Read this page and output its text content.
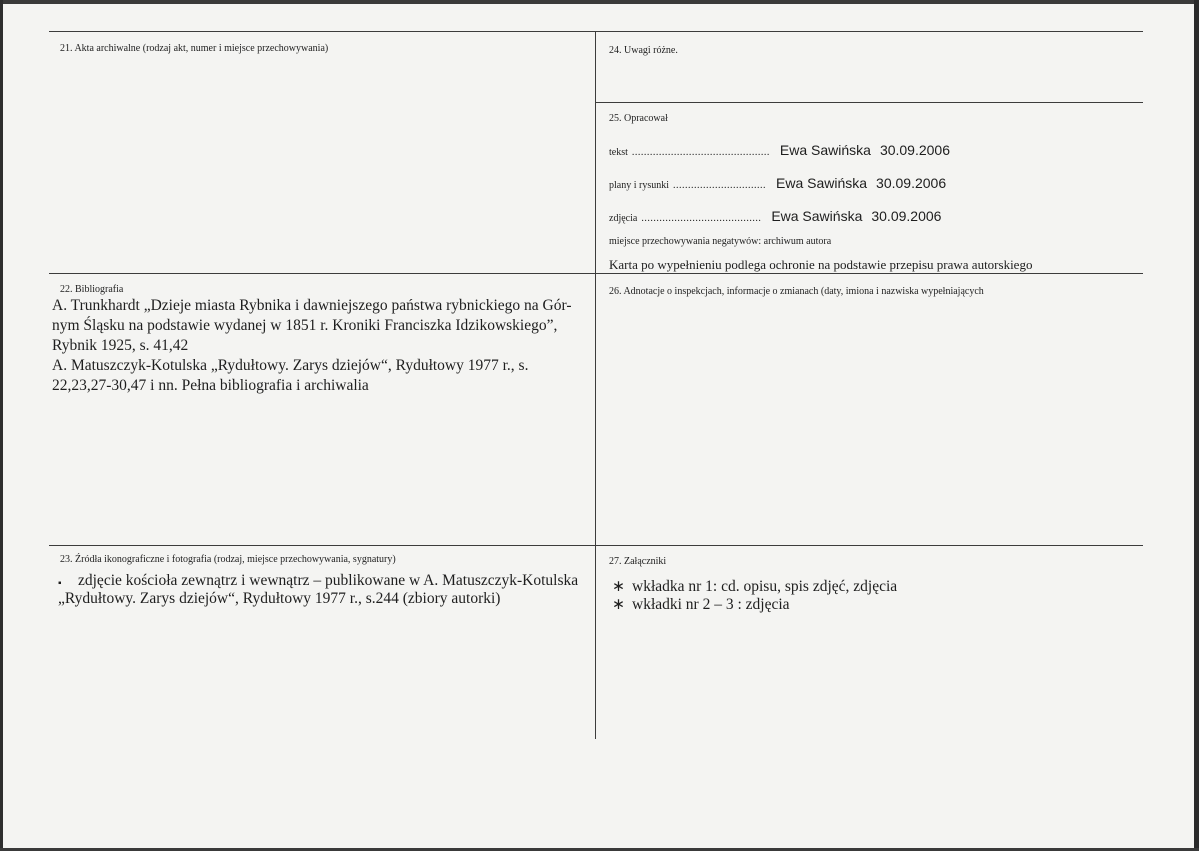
21. Akta archiwalne (rodzaj akt, numer i miejsce przechowywania)	24. Uwagi różne.
25. Opracował
tekst .............................................. Ewa Sawińska 30.09.2006
plany i rysunki ............................... Ewa Sawińska 30.09.2006
zdjęcia ........................................ Ewa Sawińska 30.09.2006
miejsce przechowywania negatywów: archiwum autora
Karta po wypełnieniu podlega ochronie na podstawie przepisu prawa autorskiego
22. Bibliografia

A. Trunkhardt „Dzieje miasta Rybnika i dawniejszego państwa rybnickiego na Gór-

nym Śląsku na podstawie wydanej w 1851 r. Kroniki Franciszka Idzikowskiego”,

Rybnik 1925, s. 41,42

A. Matuszczyk-Kotulska „Rydułtowy. Zarys dziejów“, Rydułtowy 1977 r., s.

22,23,27-30,47 i nn. Pełna bibliografia i archiwalia

26. Adnotacje o inspekcjach, informacje o zmianach (daty, imiona i nazwiska wypełniających
23. Źródła ikonograficzne i fotografia (rodzaj, miejsce przechowywania, sygnatury)
▪ zdjęcie kościoła zewnątrz i wewnątrz – publikowane w A. Matuszczyk-Kotulska
„Rydułtowy. Zarys dziejów“, Rydułtowy 1977 r., s.244 (zbiory autorki)
27. Załączniki
∗ wkładka nr 1: cd. opisu, spis zdjęć, zdjęcia
∗ wkładki nr 2 – 3 : zdjęcia
